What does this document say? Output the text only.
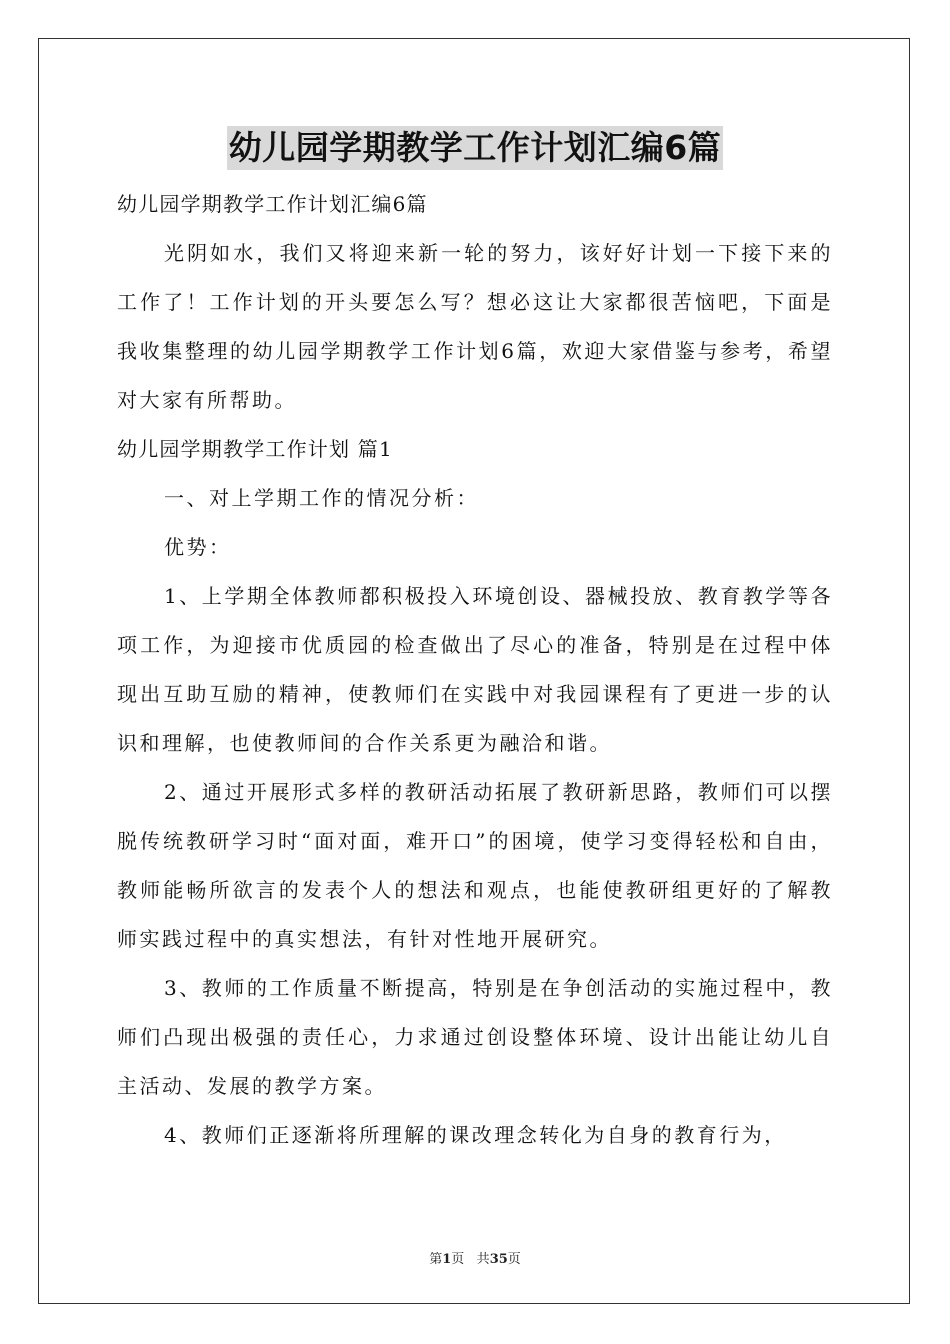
幼儿园学期教学工作计划汇编6篇

幼儿园学期教学工作计划汇编6篇

光阴如水，我们又将迎来新一轮的努力，该好好计划一下接下来的工作了！工作计划的开头要怎么写？想必这让大家都很苦恼吧，下面是我收集整理的幼儿园学期教学工作计划6篇，欢迎大家借鉴与参考，希望对大家有所帮助。

幼儿园学期教学工作计划 篇1

一、对上学期工作的情况分析：

优势：

1、上学期全体教师都积极投入环境创设、器械投放、教育教学等各项工作，为迎接市优质园的检查做出了尽心的准备，特别是在过程中体现出互助互励的精神，使教师们在实践中对我园课程有了更进一步的认识和理解，也使教师间的合作关系更为融洽和谐。

2、通过开展形式多样的教研活动拓展了教研新思路，教师们可以摆脱传统教研学习时“面对面，难开口”的困境，使学习变得轻松和自由，教师能畅所欲言的发表个人的想法和观点，也能使教研组更好的了解教师实践过程中的真实想法，有针对性地开展研究。

3、教师的工作质量不断提高，特别是在争创活动的实施过程中，教师们凸现出极强的责任心，力求通过创设整体环境、设计出能让幼儿自主活动、发展的教学方案。

4、教师们正逐渐将所理解的课改理念转化为自身的教育行为，

第1页 共35页
